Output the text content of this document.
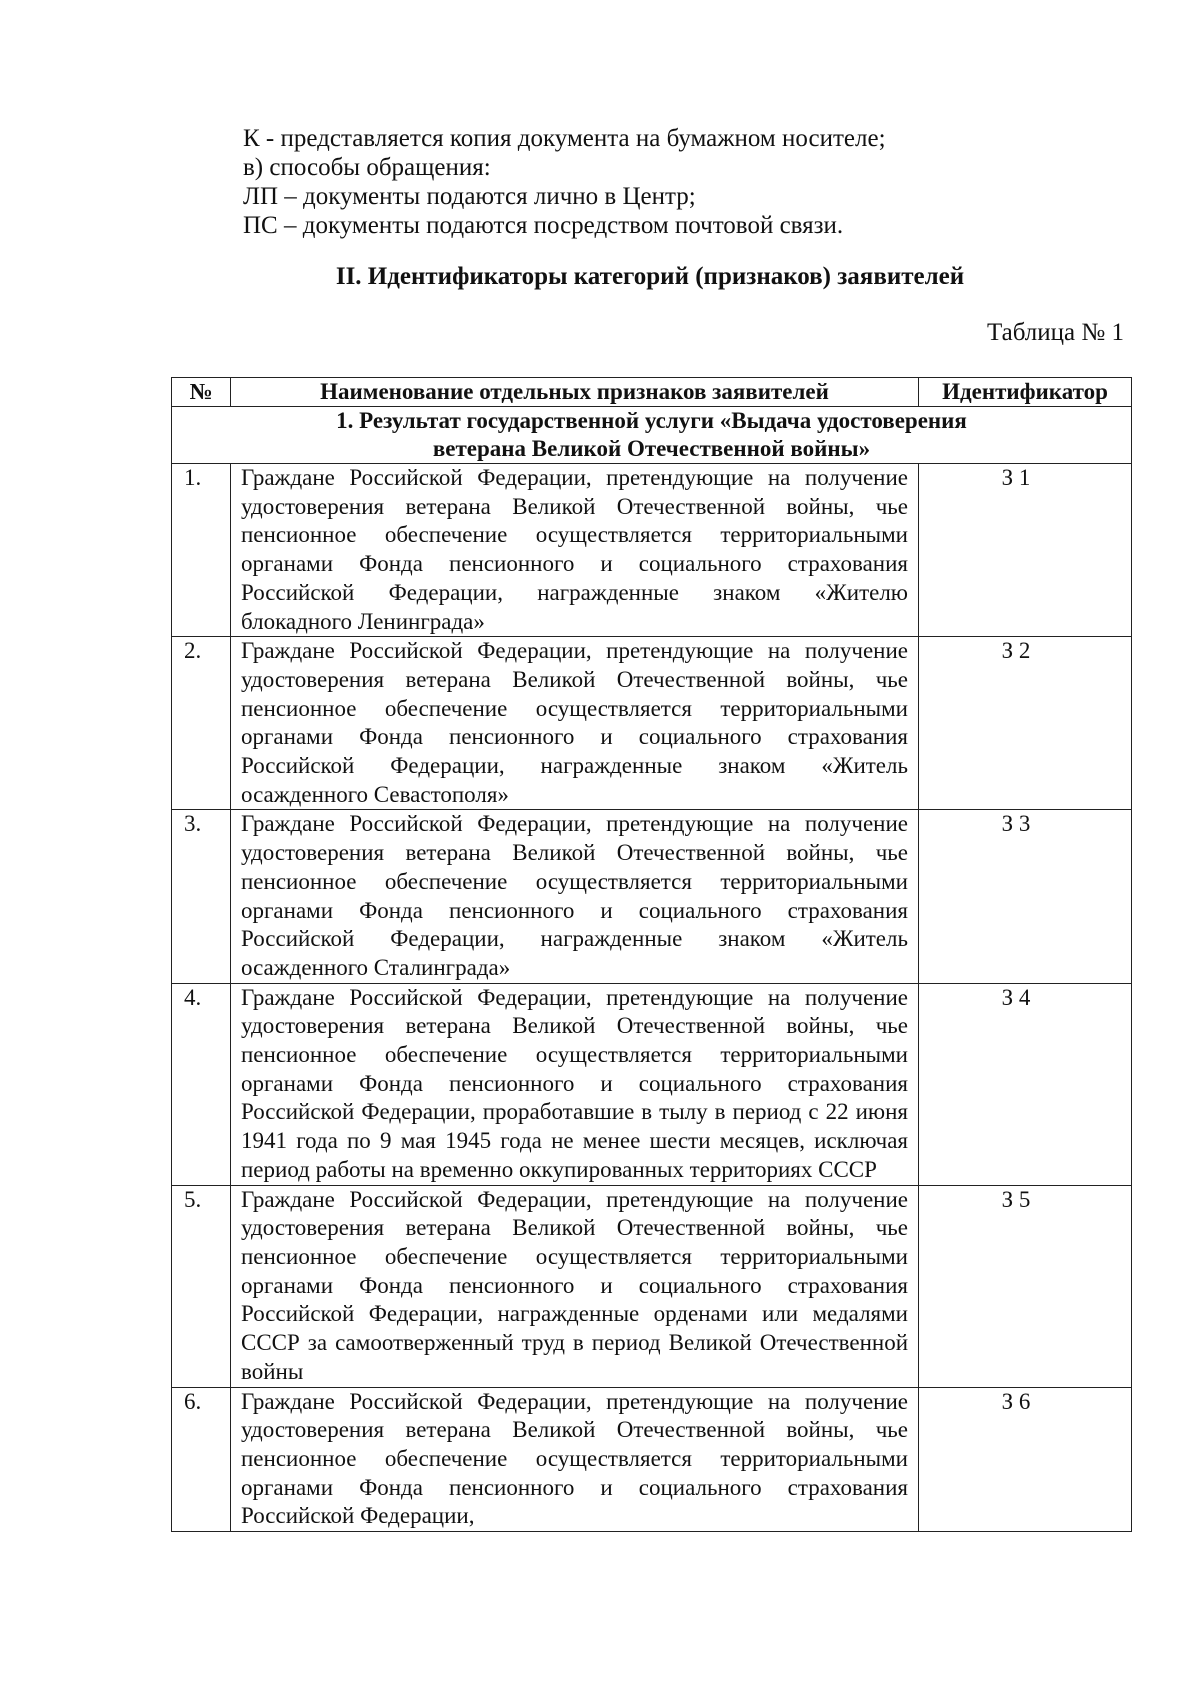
К - представляется копия документа на бумажном носителе;
в) способы обращения:
ЛП – документы подаются лично в Центр;
ПС – документы подаются посредством почтовой связи.
II. Идентификаторы категорий (признаков) заявителей
Таблица № 1
№	Наименование отдельных признаков заявителей	Идентификатор
1. Результат государственной услуги «Выдача удостоверения
ветерана Великой Отечественной войны»		
1.	Граждане Российской Федерации, претендующие на получение удостоверения ветерана Великой Отечественной войны, чье пенсионное обеспечение осуществляется территориальными органами Фонда пенсионного и социального страхования Российской Федерации, награжденные знаком «Жителю блокадного Ленинграда»	З 1
2.	Граждане Российской Федерации, претендующие на получение удостоверения ветерана Великой Отечественной войны, чье пенсионное обеспечение осуществляется территориальными органами Фонда пенсионного и социального страхования Российской Федерации, награжденные знаком «Житель осажденного Севастополя»	З 2
3.	Граждане Российской Федерации, претендующие на получение удостоверения ветерана Великой Отечественной войны, чье пенсионное обеспечение осуществляется территориальными органами Фонда пенсионного и социального страхования Российской Федерации, награжденные знаком «Житель осажденного Сталинграда»	З 3
4.	Граждане Российской Федерации, претендующие на получение удостоверения ветерана Великой Отечественной войны, чье пенсионное обеспечение осуществляется территориальными органами Фонда пенсионного и социального страхования Российской Федерации, проработавшие в тылу в период с 22 июня 1941 года по 9 мая 1945 года не менее шести месяцев, исключая период работы на временно оккупированных территориях СССР	З 4
5.	Граждане Российской Федерации, претендующие на получение удостоверения ветерана Великой Отечественной войны, чье пенсионное обеспечение осуществляется территориальными органами Фонда пенсионного и социального страхования Российской Федерации, награжденные орденами или медалями СССР за самоотверженный труд в период Великой Отечественной войны	З 5
6.	Граждане Российской Федерации, претендующие на получение удостоверения ветерана Великой Отечественной войны, чье пенсионное обеспечение осуществляется территориальными органами Фонда пенсионного и социального страхования Российской Федерации,	З 6
